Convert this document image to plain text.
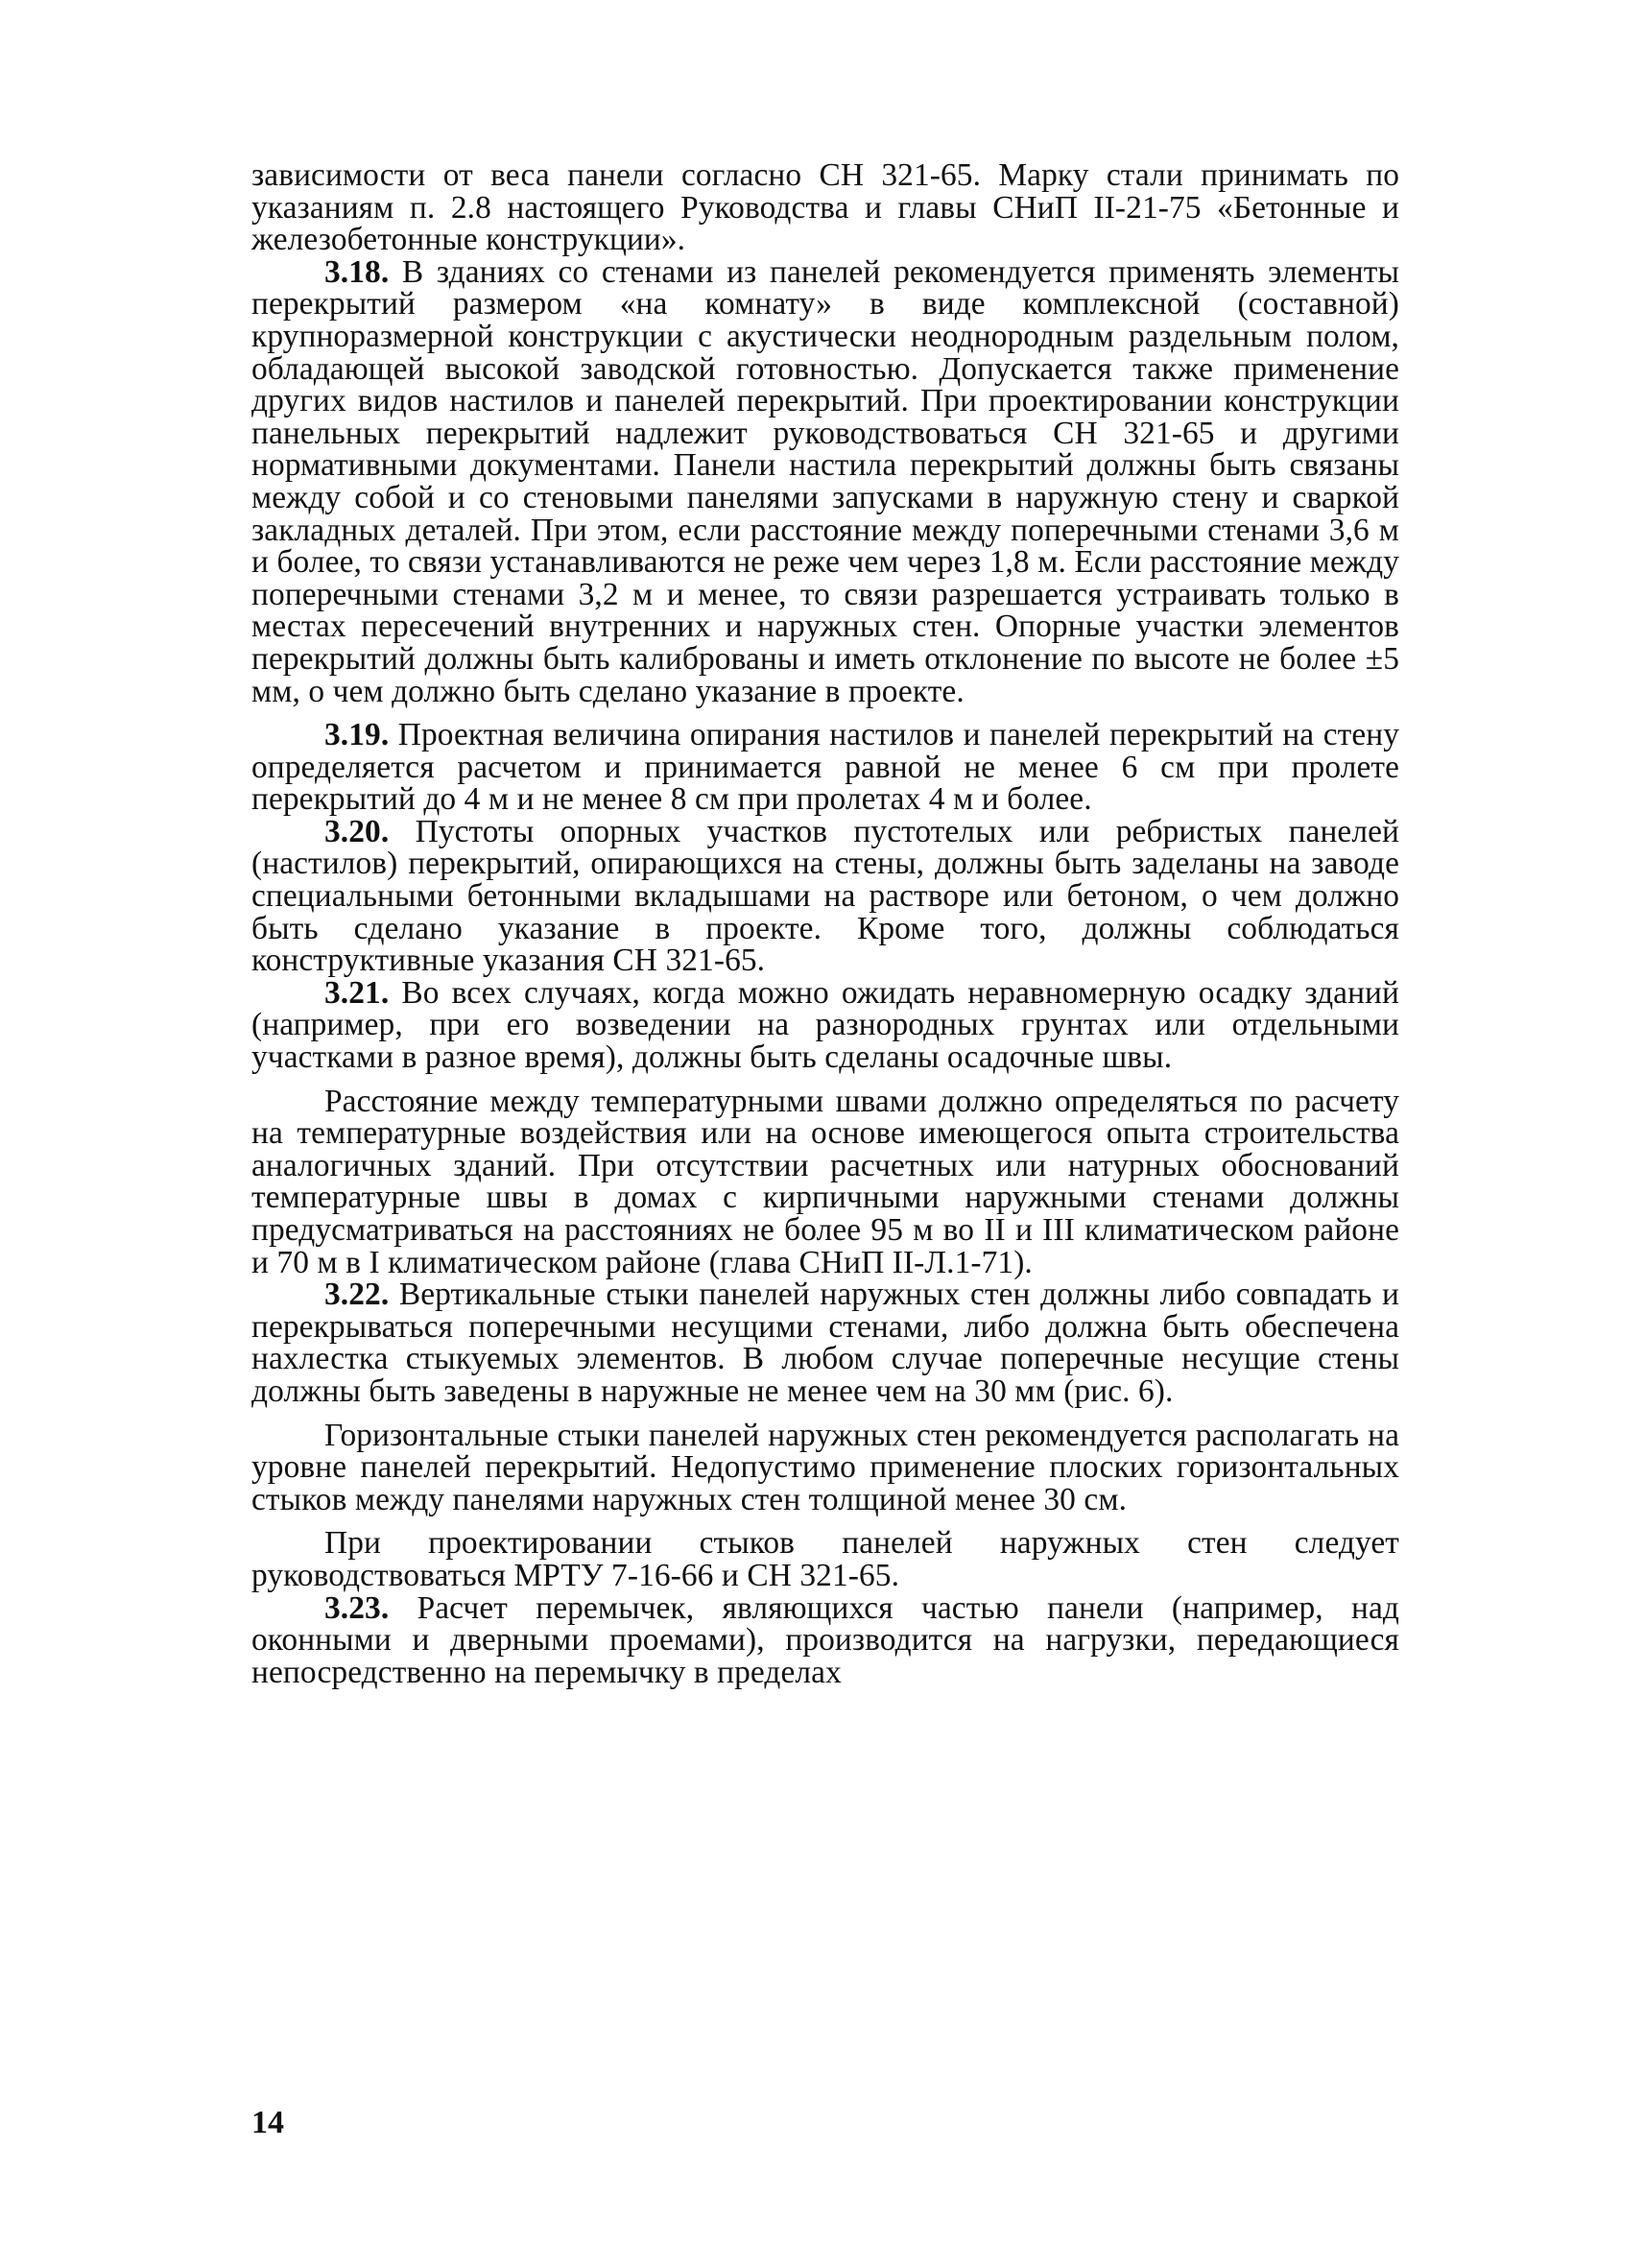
зависимости от веса панели согласно СН 321-65. Марку стали принимать по указаниям п. 2.8 настоящего Руководства и главы СНиП II-21-75 «Бетонные и железобетонные конструкции».

3.18. В зданиях со стенами из панелей рекомендуется применять элементы перекрытий размером «на комнату» в виде комплексной (составной) крупноразмерной конструкции с акустически неоднородным раздельным полом, обладающей высокой заводской готовностью. Допускается также применение других видов настилов и панелей перекрытий. При проектировании конструкции панельных перекрытий надлежит руководствоваться СН 321-65 и другими нормативными документами. Панели настила перекрытий должны быть связаны между собой и со стеновыми панелями запусками в наружную стену и сваркой закладных деталей. При этом, если расстояние между поперечными стенами 3,6 м и более, то связи устанавливаются не реже чем через 1,8 м. Если расстояние между поперечными стенами 3,2 м и менее, то связи разрешается устраивать только в местах пересечений внутренних и наружных стен. Опорные участки элементов перекрытий должны быть калиброваны и иметь отклонение по высоте не более ±5 мм, о чем должно быть сделано указание в проекте.

3.19. Проектная величина опирания настилов и панелей перекрытий на стену определяется расчетом и принимается равной не менее 6 см при пролете перекрытий до 4 м и не менее 8 см при пролетах 4 м и более.

3.20. Пустоты опорных участков пустотелых или ребристых панелей (настилов) перекрытий, опирающихся на стены, должны быть заделаны на заводе специальными бетонными вкладышами на растворе или бетоном, о чем должно быть сделано указание в проекте. Кроме того, должны соблюдаться конструктивные указания СН 321-65.

3.21. Во всех случаях, когда можно ожидать неравномерную осадку зданий (например, при его возведении на разнородных грунтах или отдельными участками в разное время), должны быть сделаны осадочные швы.

Расстояние между температурными швами должно определяться по расчету на температурные воздействия или на основе имеющегося опыта строительства аналогичных зданий. При отсутствии расчетных или натурных обоснований температурные швы в домах с кирпичными наружными стенами должны предусматриваться на расстояниях не более 95 м во II и III климатическом районе и 70 м в I климатическом районе (глава СНиП II-Л.1-71).

3.22. Вертикальные стыки панелей наружных стен должны либо совпадать и перекрываться поперечными несущими стенами, либо должна быть обеспечена нахлестка стыкуемых элементов. В любом случае поперечные несущие стены должны быть заведены в наружные не менее чем на 30 мм (рис. 6).

Горизонтальные стыки панелей наружных стен рекомендуется располагать на уровне панелей перекрытий. Недопустимо применение плоских горизонтальных стыков между панелями наружных стен толщиной менее 30 см.

При проектировании стыков панелей наружных стен следует руководствоваться МРТУ 7-16-66 и СН 321-65.

3.23. Расчет перемычек, являющихся частью панели (например, над оконными и дверными проемами), производится на нагрузки, передающиеся непосредственно на перемычку в пределах

14
